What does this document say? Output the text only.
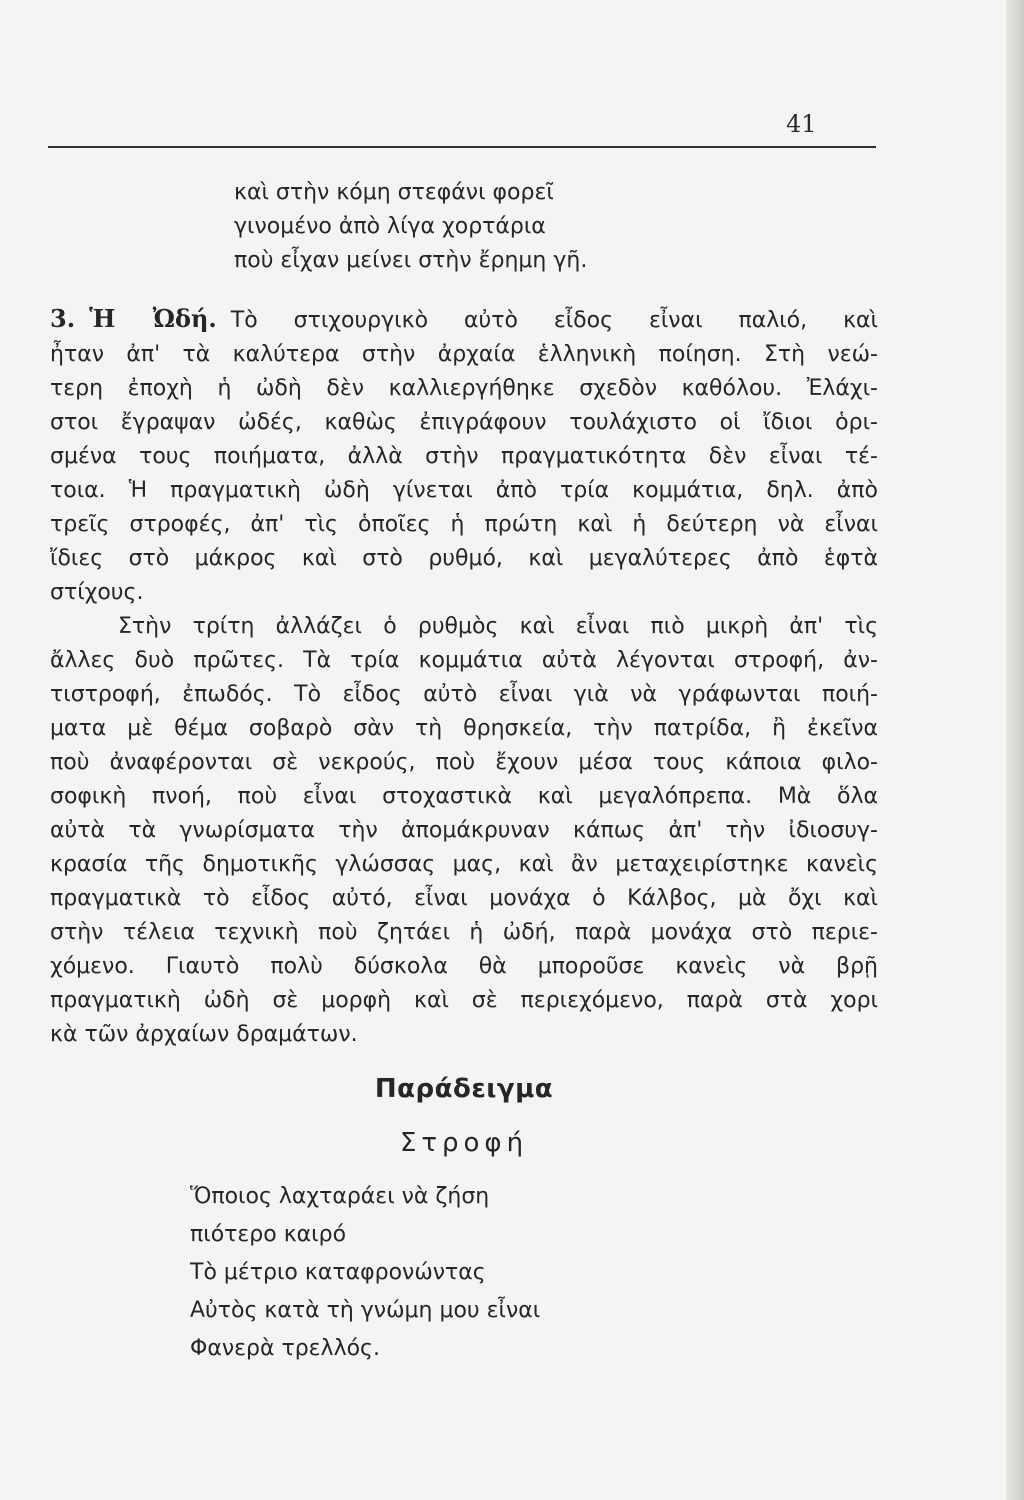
41
καὶ στὴν κόμη στεφάνι φορεῖ
γινομένο ἀπὸ λίγα χορτάρια
ποὺ εἶχαν μείνει στὴν ἔρημη γῆ.
3. Ἡ Ὠδή. Τὸ στιχουργικὸ αὐτὸ εἶδος εἶναι παλιό, καὶ
ἦταν ἀπ' τὰ καλύτερα στὴν ἀρχαία ἑλληνικὴ ποίηση. Στὴ νεώ-
τερη ἐποχὴ ἡ ὠδὴ δὲν καλλιεργήθηκε σχεδὸν καθόλου. Ἐλάχι-
στοι ἔγραψαν ὠδές, καθὼς ἐπιγράφουν τουλάχιστο οἱ ἴδιοι ὁρι-
σμένα τους ποιήματα, ἀλλὰ στὴν πραγματικότητα δὲν εἶναι τέ-
τοια. Ἡ πραγματικὴ ὠδὴ γίνεται ἀπὸ τρία κομμάτια, δηλ. ἀπὸ
τρεῖς στροφές, ἀπ' τὶς ὁποῖες ἡ πρώτη καὶ ἡ δεύτερη νὰ εἶναι
ἴδιες στὸ μάκρος καὶ στὸ ρυθμό, καὶ μεγαλύτερες ἀπὸ ἑφτὰ
στίχους.
Στὴν τρίτη ἀλλάζει ὁ ρυθμὸς καὶ εἶναι πιὸ μικρὴ ἀπ' τὶς
ἄλλες δυὸ πρῶτες. Τὰ τρία κομμάτια αὐτὰ λέγονται στροφή, ἀν-
τιστροφή, ἐπωδός. Τὸ εἶδος αὐτὸ εἶναι γιὰ νὰ γράφωνται ποιή-
ματα μὲ θέμα σοβαρὸ σὰν τὴ θρησκεία, τὴν πατρίδα, ἢ ἐκεῖνα
ποὺ ἀναφέρονται σὲ νεκρούς, ποὺ ἔχουν μέσα τους κάποια φιλο-
σοφικὴ πνοή, ποὺ εἶναι στοχαστικὰ καὶ μεγαλόπρεπα. Μὰ ὅλα
αὐτὰ τὰ γνωρίσματα τὴν ἀπομάκρυναν κάπως ἀπ' τὴν ἰδιοσυγ-
κρασία τῆς δημοτικῆς γλώσσας μας, καὶ ἂν μεταχειρίστηκε κανεὶς
πραγματικὰ τὸ εἶδος αὐτό, εἶναι μονάχα ὁ Κάλβος, μὰ ὄχι καὶ
στὴν τέλεια τεχνικὴ ποὺ ζητάει ἡ ὠδή, παρὰ μονάχα στὸ περιε-
χόμενο. Γιαυτὸ πολὺ δύσκολα θὰ μποροῦσε κανεὶς νὰ βρῇ
πραγματικὴ ὠδὴ σὲ μορφὴ καὶ σὲ περιεχόμενο, παρὰ στὰ χορι
κὰ τῶν ἀρχαίων δραμάτων.
Παράδειγμα
Στροφή
Ὅποιος λαχταράει νὰ ζήση
πιότερο καιρό
Τὸ μέτριο καταφρονώντας
Αὐτὸς κατὰ τὴ γνώμη μου εἶναι
Φανερὰ τρελλός.
